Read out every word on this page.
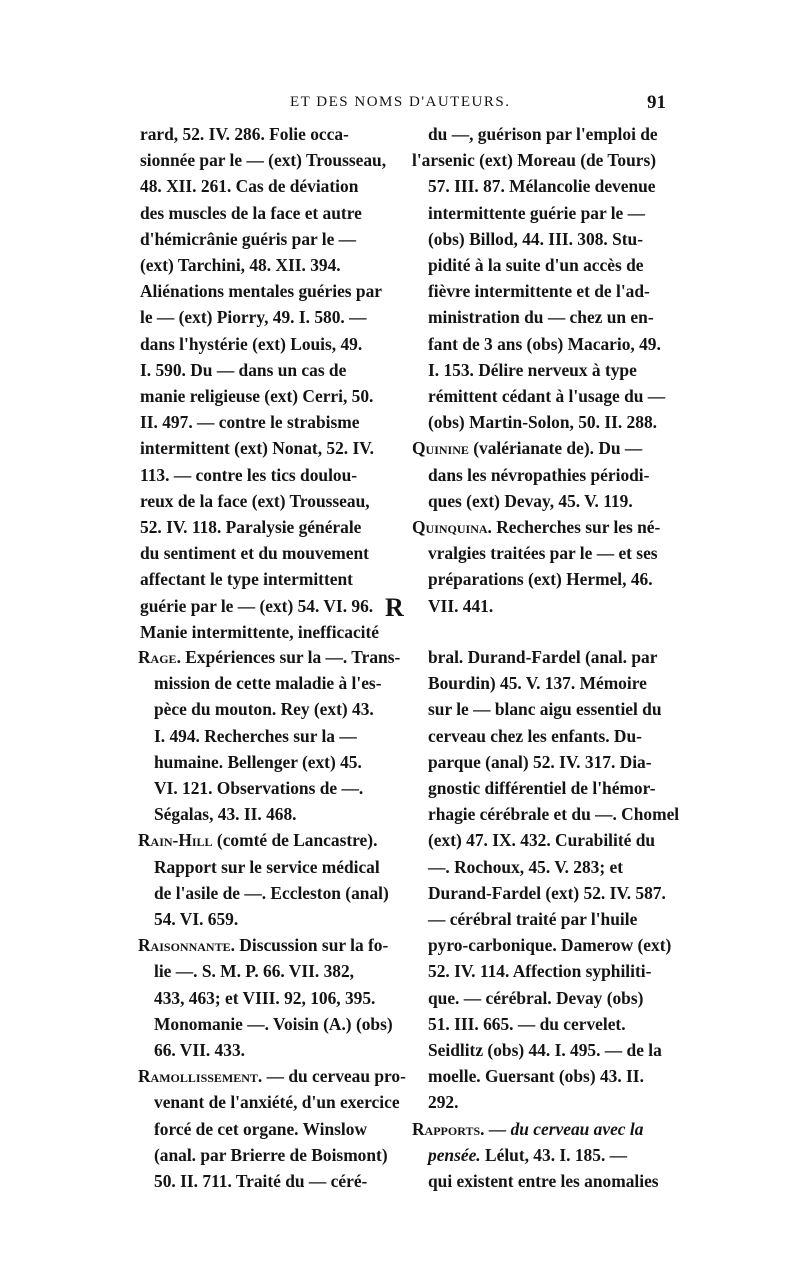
ET DES NOMS D'AUTEURS.	91
rard, 52. IV. 286. Folie occa-
sionnée par le — (ext) Trousseau,
48. XII. 261. Cas de déviation
des muscles de la face et autre
d'hémicrânie guéris par le —
(ext) Tarchini, 48. XII. 394.
Aliénations mentales guéries par
le — (ext) Piorry, 49. I. 580. —
dans l'hystérie (ext) Louis, 49.
I. 590. Du — dans un cas de
manie religieuse (ext) Cerri, 50.
II. 497. — contre le strabisme
intermittent (ext) Nonat, 52. IV.
113. — contre les tics doulou-
reux de la face (ext) Trousseau,
52. IV. 118. Paralysie générale
du sentiment et du mouvement
affectant le type intermittent
guérie par le — (ext) 54. VI. 96.
Manie intermittente, inefficacité
du —, guérison par l'emploi de
l'arsenic (ext) Moreau (de Tours)
57. III. 87. Mélancolie devenue
intermittente guérie par le —
(obs) Billod, 44. III. 308. Stu-
pidité à la suite d'un accès de
fièvre intermittente et de l'ad-
ministration du — chez un en-
fant de 3 ans (obs) Macario, 49.
I. 153. Délire nerveux à type
rémittent cédant à l'usage du —
(obs) Martin-Solon, 50. II. 288.
Quinine (valérianate de). Du —
dans les névropathies périodi-
ques (ext) Devay, 45. V. 119.
Quinquina. Recherches sur les né-
vralgies traitées par le — et ses
préparations (ext) Hermel, 46.
VII. 441.
R
Rage. Expériences sur la —. Trans-
mission de cette maladie à l'es-
pèce du mouton. Rey (ext) 43.
I. 494. Recherches sur la —
humaine. Bellenger (ext) 45.
VI. 121. Observations de —.
Ségalas, 43. II. 468.
Rain-Hill (comté de Lancastre).
Rapport sur le service médical
de l'asile de —. Eccleston (anal)
54. VI. 659.
Raisonnante. Discussion sur la fo-
lie —. S. M. P. 66. VII. 382,
433, 463; et VIII. 92, 106, 395.
Monomanie —. Voisin (A.) (obs)
66. VII. 433.
Ramollissement. — du cerveau pro-
venant de l'anxiété, d'un exercice
forcé de cet organe. Winslow
(anal. par Brierre de Boismont)
50. II. 711. Traité du — céré-
bral. Durand-Fardel (anal. par
Bourdin) 45. V. 137. Mémoire
sur le — blanc aigu essentiel du
cerveau chez les enfants. Du-
parque (anal) 52. IV. 317. Dia-
gnostic différentiel de l'hémor-
rhagie cérébrale et du —. Chomel
(ext) 47. IX. 432. Curabilité du
—. Rochoux, 45. V. 283; et
Durand-Fardel (ext) 52. IV. 587.
— cérébral traité par l'huile
pyro-carbonique. Damerow (ext)
52. IV. 114. Affection syphiliti-
que. — cérébral. Devay (obs)
51. III. 665. — du cervelet.
Seidlitz (obs) 44. I. 495. — de la
moelle. Guersant (obs) 43. II.
292.
Rapports. — du cerveau avec la
pensée. Lélut, 43. I. 185. —
qui existent entre les anomalies
